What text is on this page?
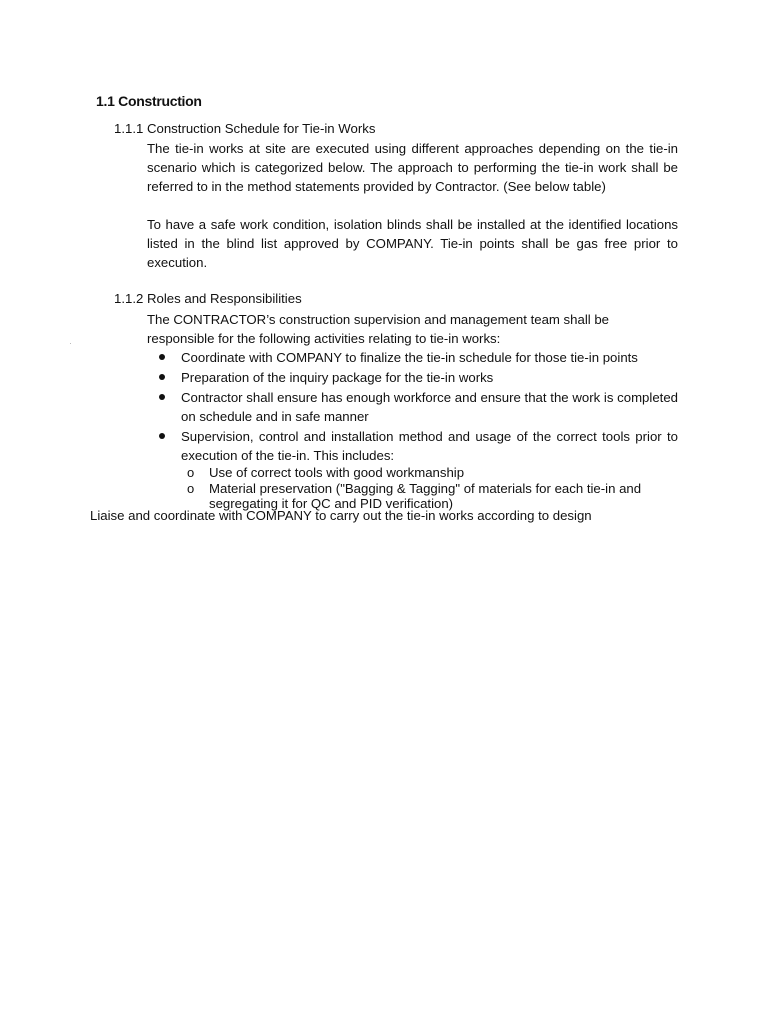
1.1 Construction
1.1.1 Construction Schedule for Tie-in Works
The tie-in works at site are executed using different approaches depending on the tie-in scenario which is categorized below. The approach to performing the tie-in work shall be referred to in the method statements provided by Contractor. (See below table)
To have a safe work condition, isolation blinds shall be installed at the identified locations listed in the blind list approved by COMPANY. Tie-in points shall be gas free prior to execution.
1.1.2 Roles and Responsibilities
The CONTRACTOR’s construction supervision and management team shall be responsible for the following activities relating to tie-in works:
Coordinate with COMPANY to finalize the tie-in schedule for those tie-in points
Preparation of the inquiry package for the tie-in works
Contractor shall ensure has enough workforce and ensure that the work is completed on schedule and in safe manner
Supervision, control and installation method and usage of the correct tools prior to execution of the tie-in. This includes:
o Use of correct tools with good workmanship
o Material preservation ("Bagging & Tagging" of materials for each tie-in and segregating it for QC and PID verification)
Liaise and coordinate with COMPANY to carry out the tie-in works according to design
